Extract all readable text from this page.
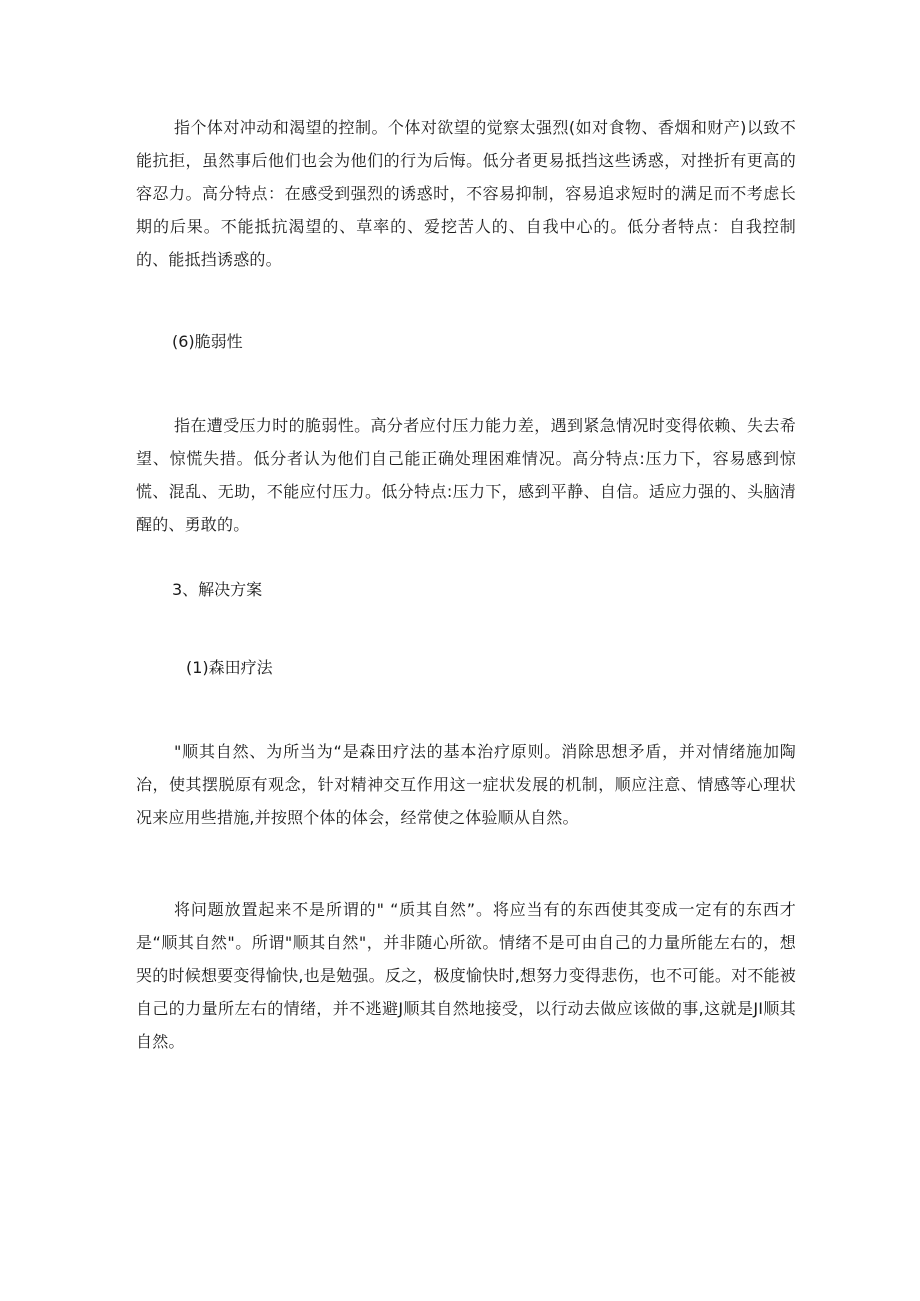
指个体对冲动和渴望的控制。个体对欲望的觉察太强烈(如对食物、香烟和财产)以致不能抗拒，虽然事后他们也会为他们的行为后悔。低分者更易抵挡这些诱惑，对挫折有更高的容忍力。高分特点：在感受到强烈的诱惑时，不容易抑制，容易追求短时的满足而不考虑长期的后果。不能抵抗渴望的、草率的、爱挖苦人的、自我中心的。低分者特点：自我控制的、能抵挡诱惑的。

(6)脆弱性

指在遭受压力时的脆弱性。高分者应付压力能力差，遇到紧急情况时变得依赖、失去希望、惊慌失措。低分者认为他们自己能正确处理困难情况。高分特点:压力下，容易感到惊慌、混乱、无助，不能应付压力。低分特点:压力下，感到平静、自信。适应力强的、头脑清醒的、勇敢的。

3、解决方案

(1)森田疗法

"顺其自然、为所当为“是森田疗法的基本治疗原则。消除思想矛盾，并对情绪施加陶冶，使其摆脱原有观念，针对精神交互作用这一症状发展的机制，顺应注意、情感等心理状况来应用些措施,并按照个体的体会，经常使之体验顺从自然。

将问题放置起来不是所谓的" “质其自然”。将应当有的东西使其变成一定有的东西才是“顺其自然"。所谓"顺其自然"，并非随心所欲。情绪不是可由自己的力量所能左右的，想哭的时候想要变得愉快,也是勉强。反之，极度愉快时,想努力变得悲伤，也不可能。对不能被自己的力量所左右的情绪，并不逃避J顺其自然地接受，以行动去做应该做的事,这就是JI顺其自然。
